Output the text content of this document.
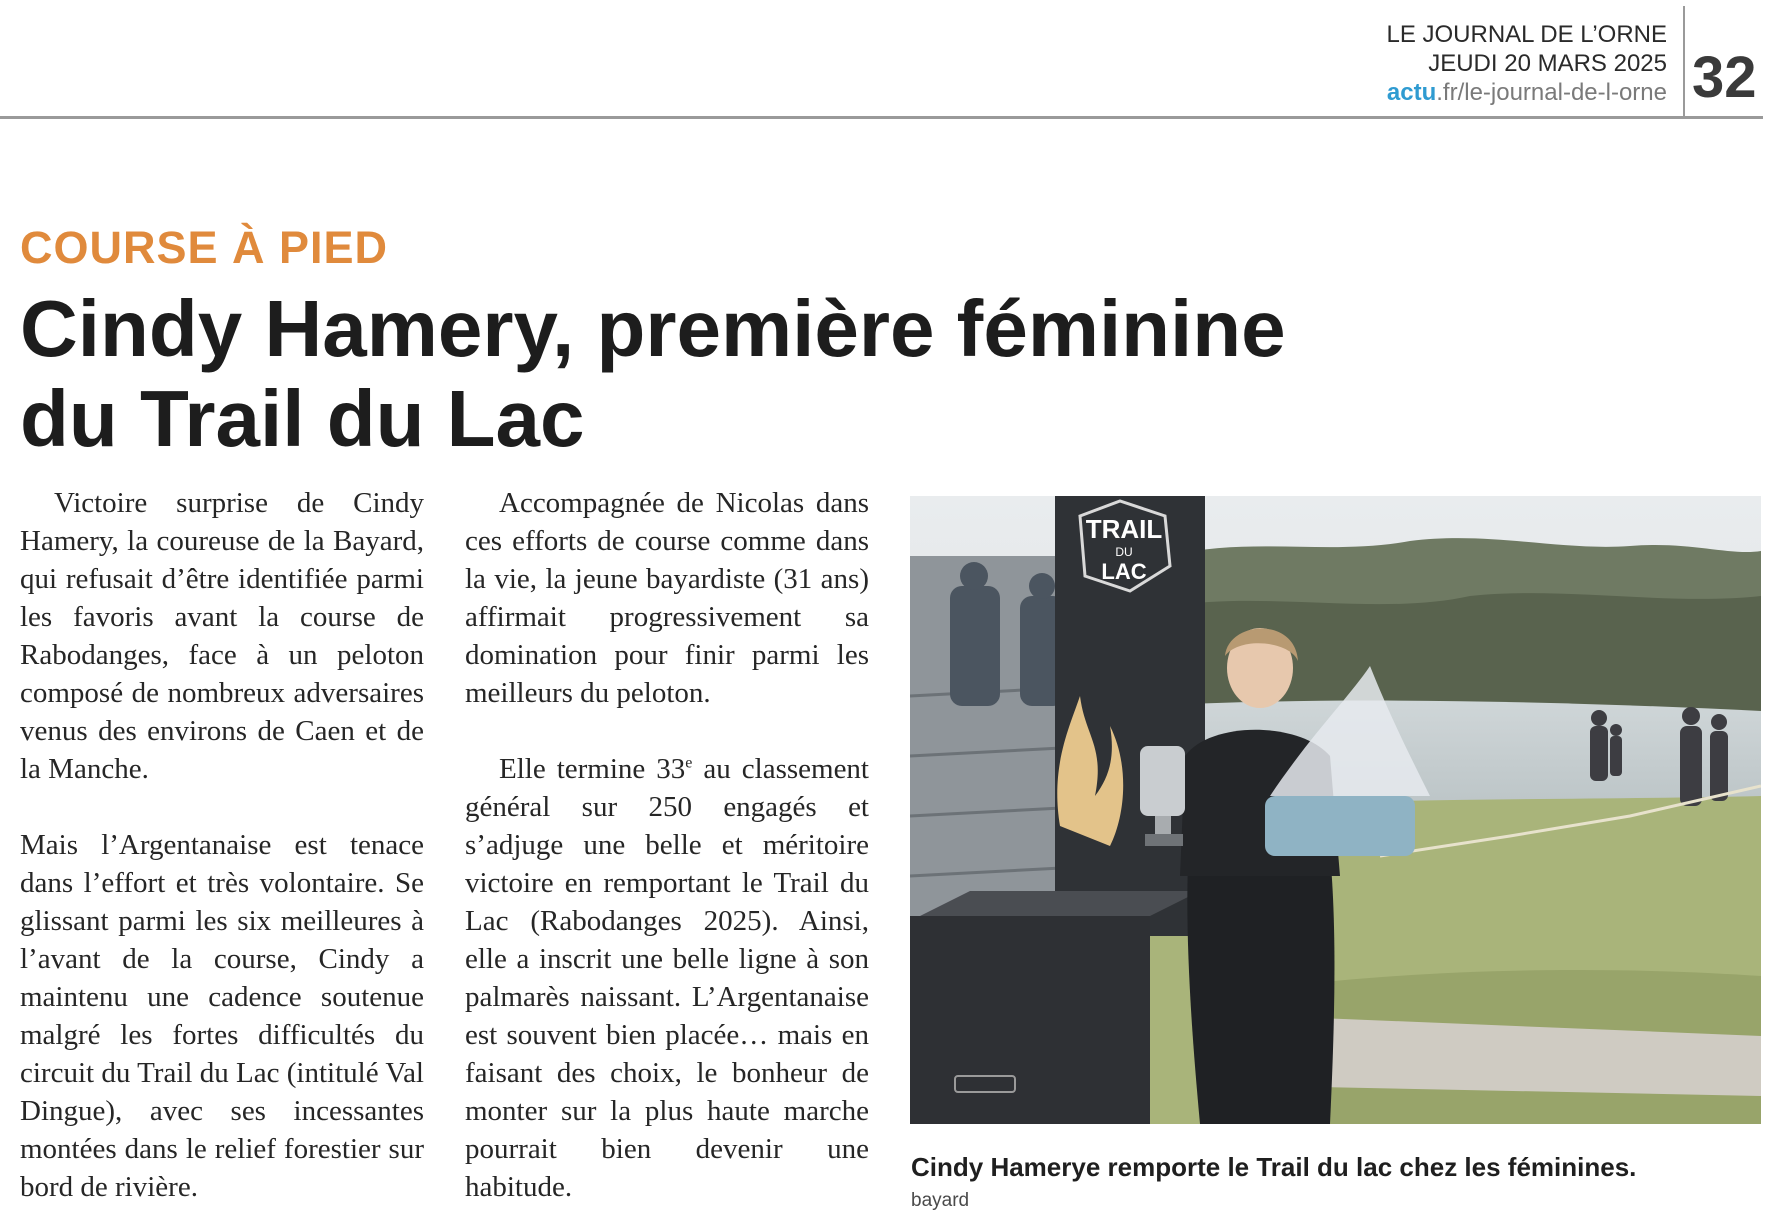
LE JOURNAL DE L’ORNE
JEUDI 20 MARS 2025
actu.fr/le-journal-de-l-orne 32
COURSE À PIED
Cindy Hamery, première féminine
du Trail du Lac

Victoire surprise de Cindy Hamery, la coureuse de la Bayard, qui refusait d’être identifiée parmi les favoris avant la course de Rabodanges, face à un peloton composé de nombreux adversaires venus des environs de Caen et de la Manche.

Mais l’Argentanaise est tenace dans l’effort et très volontaire. Se glissant parmi les six meilleures à l’avant de la course, Cindy a maintenu une cadence soutenue malgré les fortes difficultés du circuit du Trail du Lac (intitulé Val Dingue), avec ses incessantes montées dans le relief forestier sur bord de rivière.

Accompagnée de Nicolas dans ces efforts de course comme dans la vie, la jeune bayardiste (31 ans) affirmait progressivement sa domination pour finir parmi les meilleurs du peloton.

Elle termine 33e au classement général sur 250 engagés et s’adjuge une belle et méritoire victoire en remportant le Trail du Lac (Rabodanges 2025). Ainsi, elle a inscrit une belle ligne à son palmarès naissant. L’Argentanaise est souvent bien placée… mais en faisant des choix, le bonheur de monter sur la plus haute marche pourrait bien devenir une habitude.

TRAIL
DU
LAC
Cindy Hamerye remporte le Trail du lac chez les féminines.
bayard
